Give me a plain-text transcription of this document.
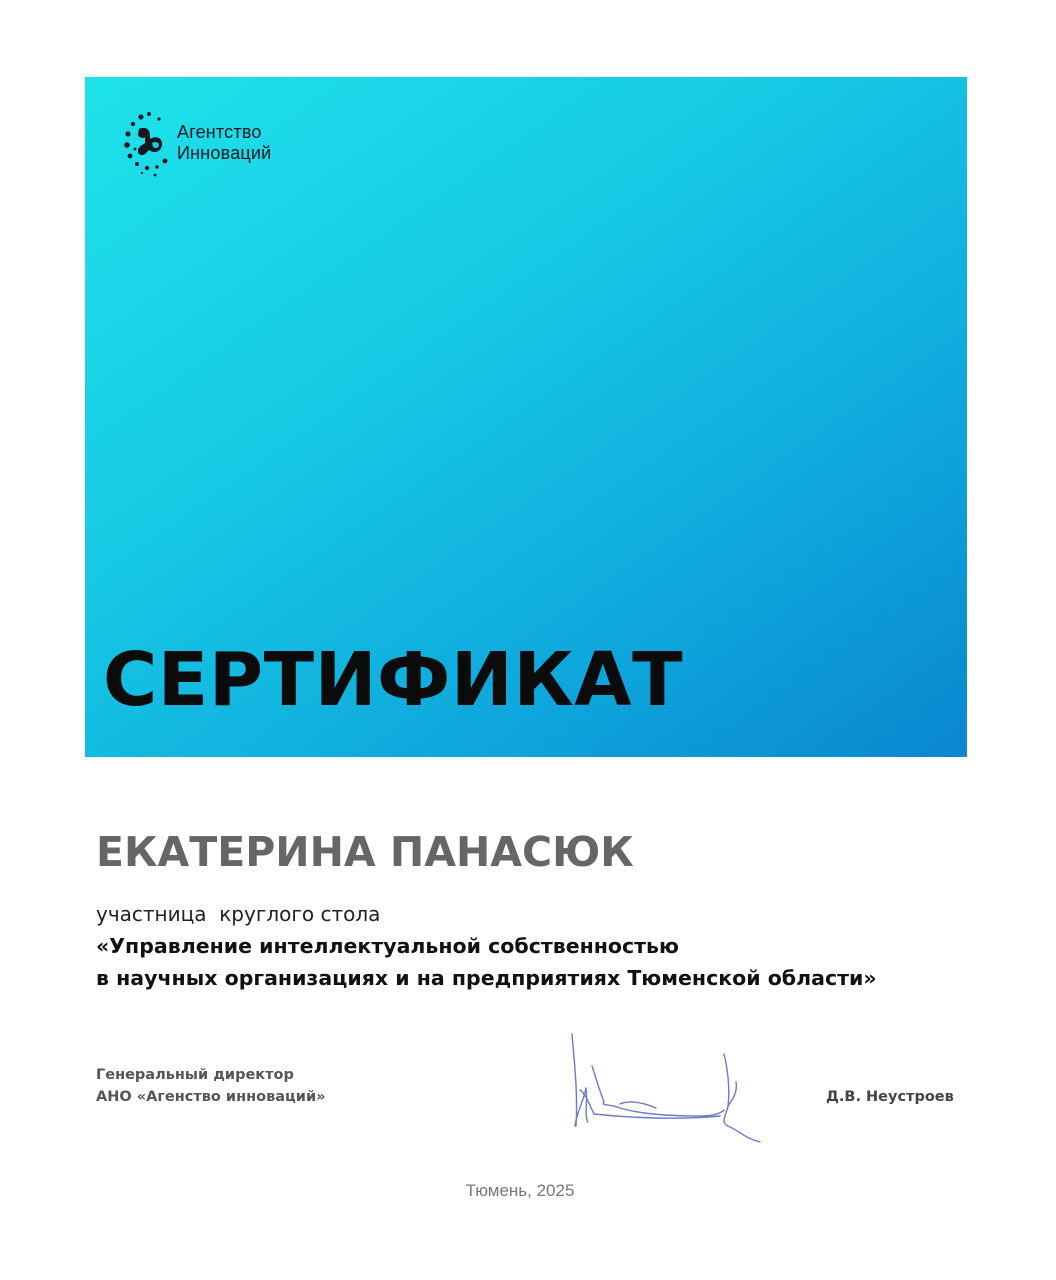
Агентство
Инноваций
СЕРТИФИКАТ
ЕКАТЕРИНА ПАНАСЮК
участница  круглого стола
«Управление интеллектуальной собственностью
в научных организациях и на предприятиях Тюменской области»
Генеральный директор
АНО «Агенство инноваций»	Д.В. Неустроев
Тюмень, 2025
